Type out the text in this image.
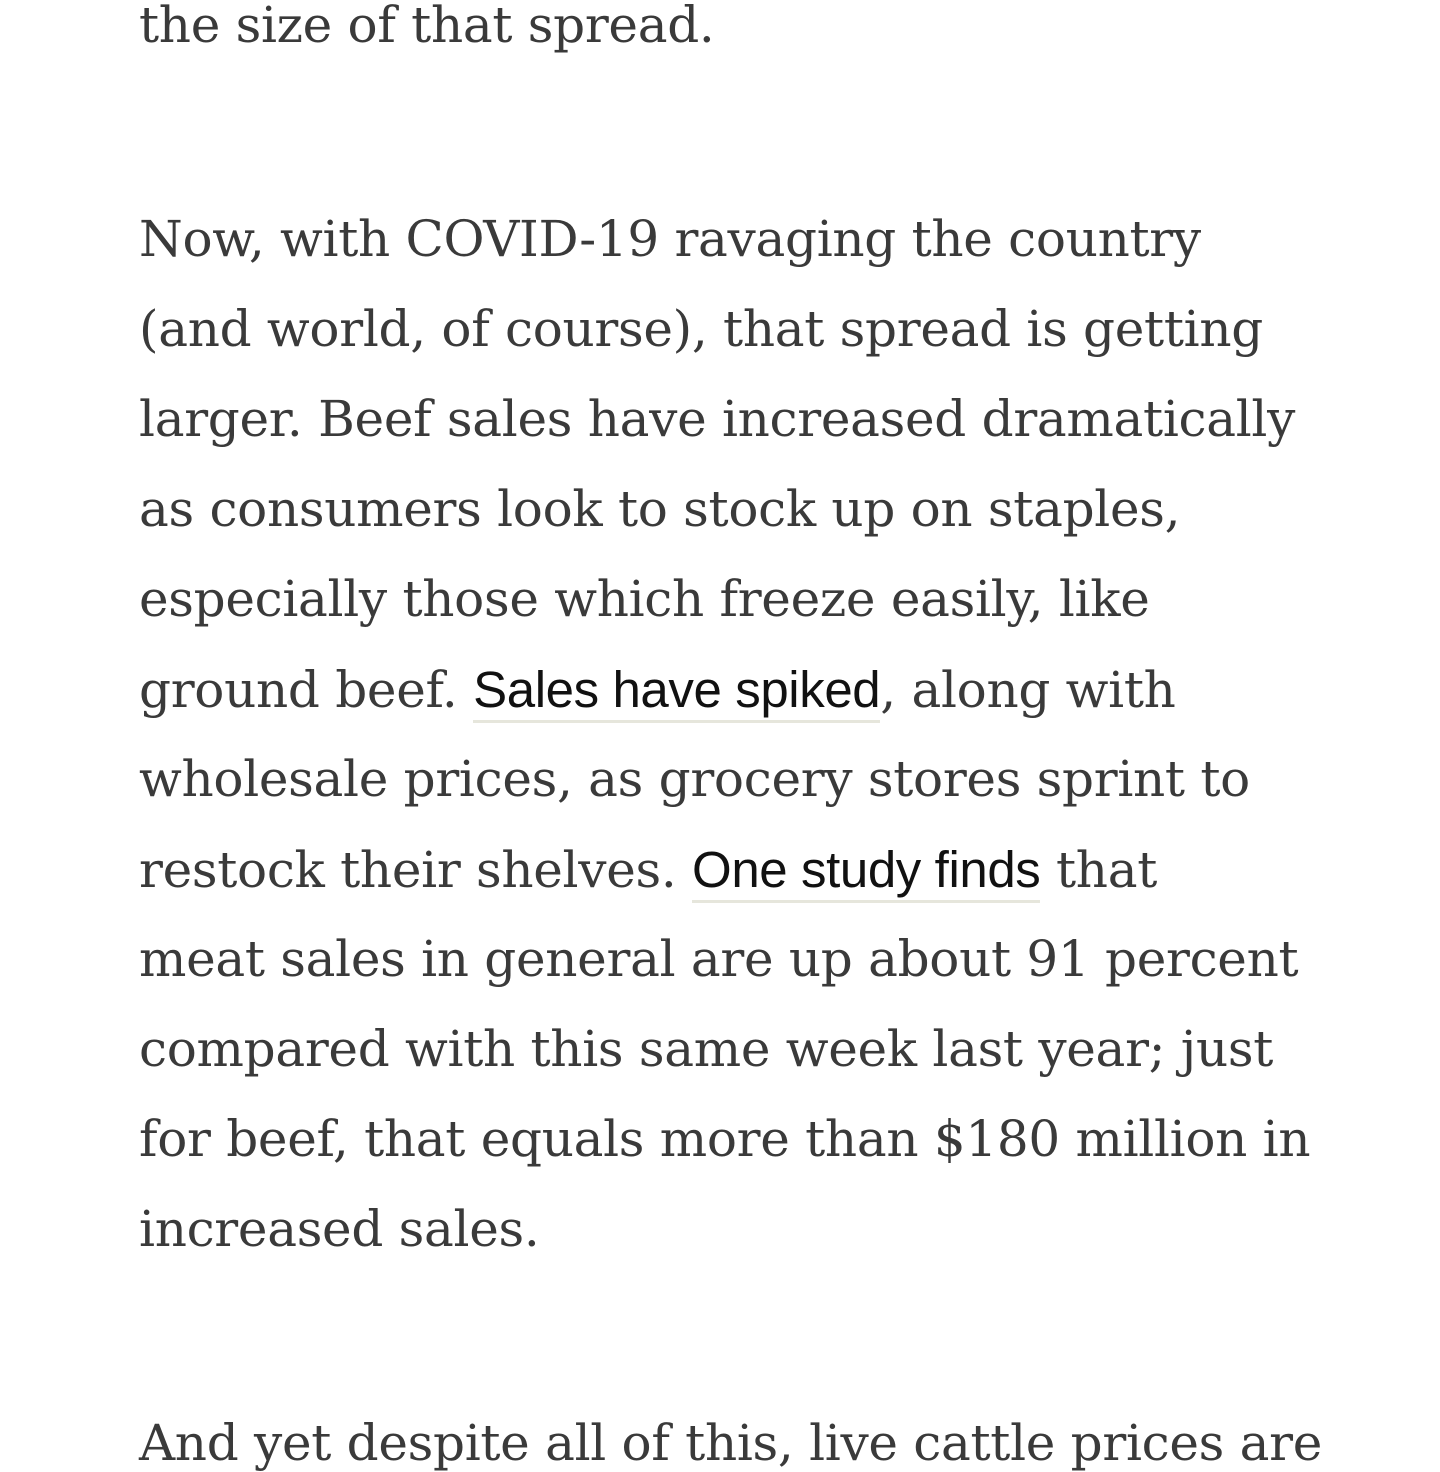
the size of that spread.
Now, with COVID-19 ravaging the country
(and world, of course), that spread is getting
larger. Beef sales have increased dramatically
as consumers look to stock up on staples,
especially those which freeze easily, like
ground beef. Sales have spiked, along with
wholesale prices, as grocery stores sprint to
restock their shelves. One study finds that
meat sales in general are up about 91 percent
compared with this same week last year; just
for beef, that equals more than $180 million in
increased sales.
And yet despite all of this, live cattle prices are
